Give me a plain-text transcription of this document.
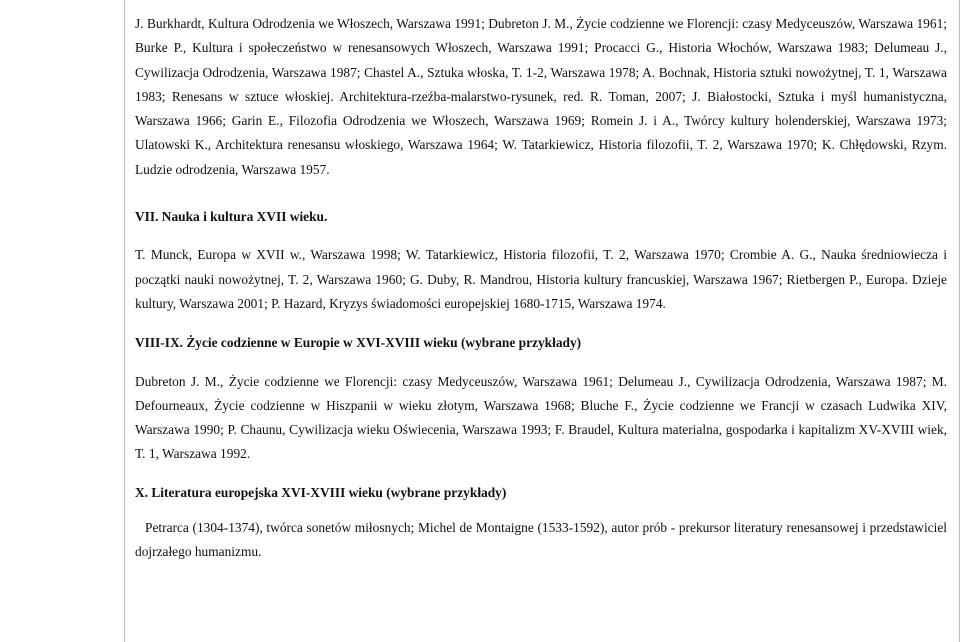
J. Burkhardt, Kultura Odrodzenia we Włoszech, Warszawa 1991; Dubreton J. M., Życie codzienne we Florencji: czasy Medyceuszów, Warszawa 1961; Burke P., Kultura i społeczeństwo w renesansowych Włoszech, Warszawa 1991; Procacci G., Historia Włochów, Warszawa 1983; Delumeau J., Cywilizacja Odrodzenia, Warszawa 1987; Chastel A., Sztuka włoska, T. 1-2, Warszawa 1978; A. Bochnak, Historia sztuki nowożytnej, T. 1, Warszawa 1983; Renesans w sztuce włoskiej. Architektura-rzeźba-malarstwo-rysunek, red. R. Toman, 2007; J. Białostocki, Sztuka i myśl humanistyczna, Warszawa 1966; Garin E., Filozofia Odrodzenia we Włoszech, Warszawa 1969; Romein J. i A., Twórcy kultury holenderskiej, Warszawa 1973; Ulatowski K., Architektura renesansu włoskiego, Warszawa 1964; W. Tatarkiewicz, Historia filozofii, T. 2, Warszawa 1970; K. Chłędowski, Rzym. Ludzie odrodzenia, Warszawa 1957.

VII. Nauka i kultura XVII wieku.

T. Munck, Europa w XVII w., Warszawa 1998; W. Tatarkiewicz, Historia filozofii, T. 2, Warszawa 1970; Crombie A. G., Nauka średniowiecza i początki nauki nowożytnej, T. 2, Warszawa 1960; G. Duby, R. Mandrou, Historia kultury francuskiej, Warszawa 1967; Rietbergen P., Europa. Dzieje kultury, Warszawa 2001; P. Hazard, Kryzys świadomości europejskiej 1680-1715, Warszawa 1974.

VIII-IX. Życie codzienne w Europie w XVI-XVIII wieku (wybrane przykłady)

Dubreton J. M., Życie codzienne we Florencji: czasy Medyceuszów, Warszawa 1961; Delumeau J., Cywilizacja Odrodzenia, Warszawa 1987; M. Defourneaux, Życie codzienne w Hiszpanii w wieku złotym, Warszawa 1968; Bluche F., Życie codzienne we Francji w czasach Ludwika XIV, Warszawa 1990; P. Chaunu, Cywilizacja wieku Oświecenia, Warszawa 1993; F. Braudel, Kultura materialna, gospodarka i kapitalizm XV-XVIII wiek, T. 1, Warszawa 1992.

X. Literatura europejska XVI-XVIII wieku (wybrane przykłady)

Petrarca (1304-1374), twórca sonetów miłosnych; Michel de Montaigne (1533-1592), autor prób - prekursor literatury renesansowej i przedstawiciel dojrzałego humanizmu.
